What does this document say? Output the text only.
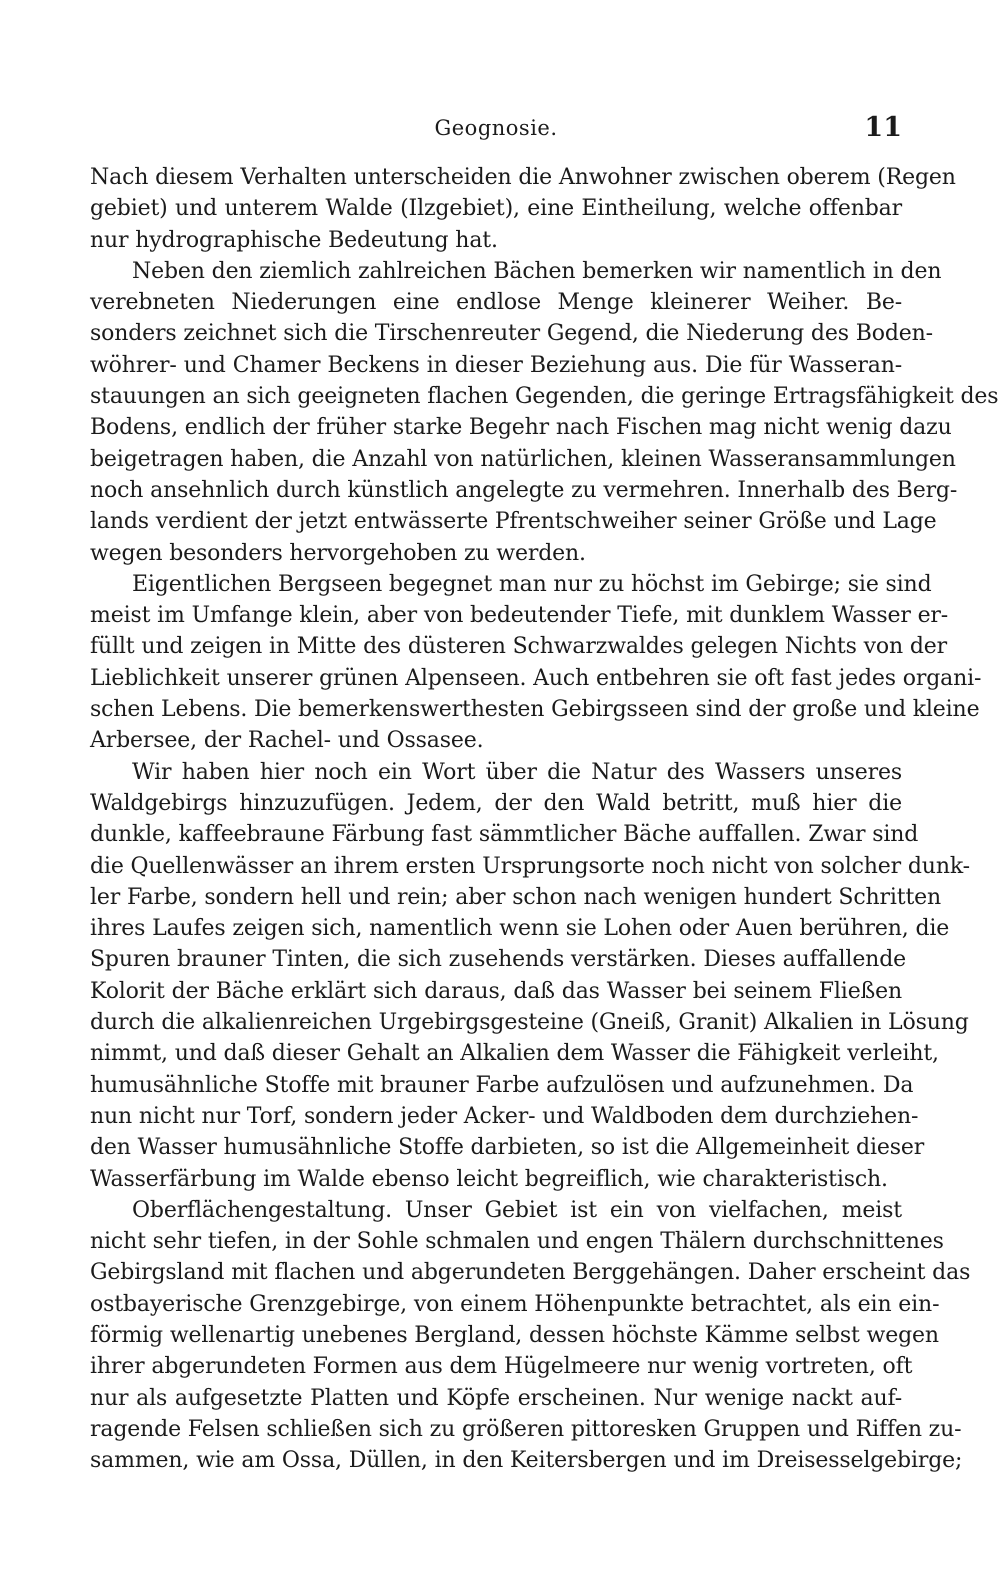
Geognosie.	11
Nach diesem Verhalten unterscheiden die Anwohner zwischen oberem (Regen
gebiet) und unterem Walde (Ilzgebiet), eine Eintheilung, welche offenbar
nur hydrographische Bedeutung hat.
Neben den ziemlich zahlreichen Bächen bemerken wir namentlich in den
verebneten Niederungen eine endlose Menge kleinerer Weiher. Be-
sonders zeichnet sich die Tirschenreuter Gegend, die Niederung des Boden-
wöhrer- und Chamer Beckens in dieser Beziehung aus. Die für Wasseran-
stauungen an sich geeigneten flachen Gegenden, die geringe Ertragsfähigkeit des
Bodens, endlich der früher starke Begehr nach Fischen mag nicht wenig dazu
beigetragen haben, die Anzahl von natürlichen, kleinen Wasseransammlungen
noch ansehnlich durch künstlich angelegte zu vermehren. Innerhalb des Berg-
lands verdient der jetzt entwässerte Pfrentschweiher seiner Größe und Lage
wegen besonders hervorgehoben zu werden.
Eigentlichen Bergseen begegnet man nur zu höchst im Gebirge; sie sind
meist im Umfange klein, aber von bedeutender Tiefe, mit dunklem Wasser er-
füllt und zeigen in Mitte des düsteren Schwarzwaldes gelegen Nichts von der
Lieblichkeit unserer grünen Alpenseen. Auch entbehren sie oft fast jedes organi-
schen Lebens. Die bemerkenswerthesten Gebirgsseen sind der große und kleine
Arbersee, der Rachel- und Ossasee.
Wir haben hier noch ein Wort über die Natur des Wassers unseres
Waldgebirgs hinzuzufügen. Jedem, der den Wald betritt, muß hier die
dunkle, kaffeebraune Färbung fast sämmtlicher Bäche auffallen. Zwar sind
die Quellenwässer an ihrem ersten Ursprungsorte noch nicht von solcher dunk-
ler Farbe, sondern hell und rein; aber schon nach wenigen hundert Schritten
ihres Laufes zeigen sich, namentlich wenn sie Lohen oder Auen berühren, die
Spuren brauner Tinten, die sich zusehends verstärken. Dieses auffallende
Kolorit der Bäche erklärt sich daraus, daß das Wasser bei seinem Fließen
durch die alkalienreichen Urgebirgsgesteine (Gneiß, Granit) Alkalien in Lösung
nimmt, und daß dieser Gehalt an Alkalien dem Wasser die Fähigkeit verleiht,
humusähnliche Stoffe mit brauner Farbe aufzulösen und aufzunehmen. Da
nun nicht nur Torf, sondern jeder Acker- und Waldboden dem durchziehen-
den Wasser humusähnliche Stoffe darbieten, so ist die Allgemeinheit dieser
Wasserfärbung im Walde ebenso leicht begreiflich, wie charakteristisch.
Oberflächengestaltung. Unser Gebiet ist ein von vielfachen, meist
nicht sehr tiefen, in der Sohle schmalen und engen Thälern durchschnittenes
Gebirgsland mit flachen und abgerundeten Berggehängen. Daher erscheint das
ostbayerische Grenzgebirge, von einem Höhenpunkte betrachtet, als ein ein-
förmig wellenartig unebenes Bergland, dessen höchste Kämme selbst wegen
ihrer abgerundeten Formen aus dem Hügelmeere nur wenig vortreten, oft
nur als aufgesetzte Platten und Köpfe erscheinen. Nur wenige nackt auf-
ragende Felsen schließen sich zu größeren pittoresken Gruppen und Riffen zu-
sammen, wie am Ossa, Düllen, in den Keitersbergen und im Dreisesselgebirge;
